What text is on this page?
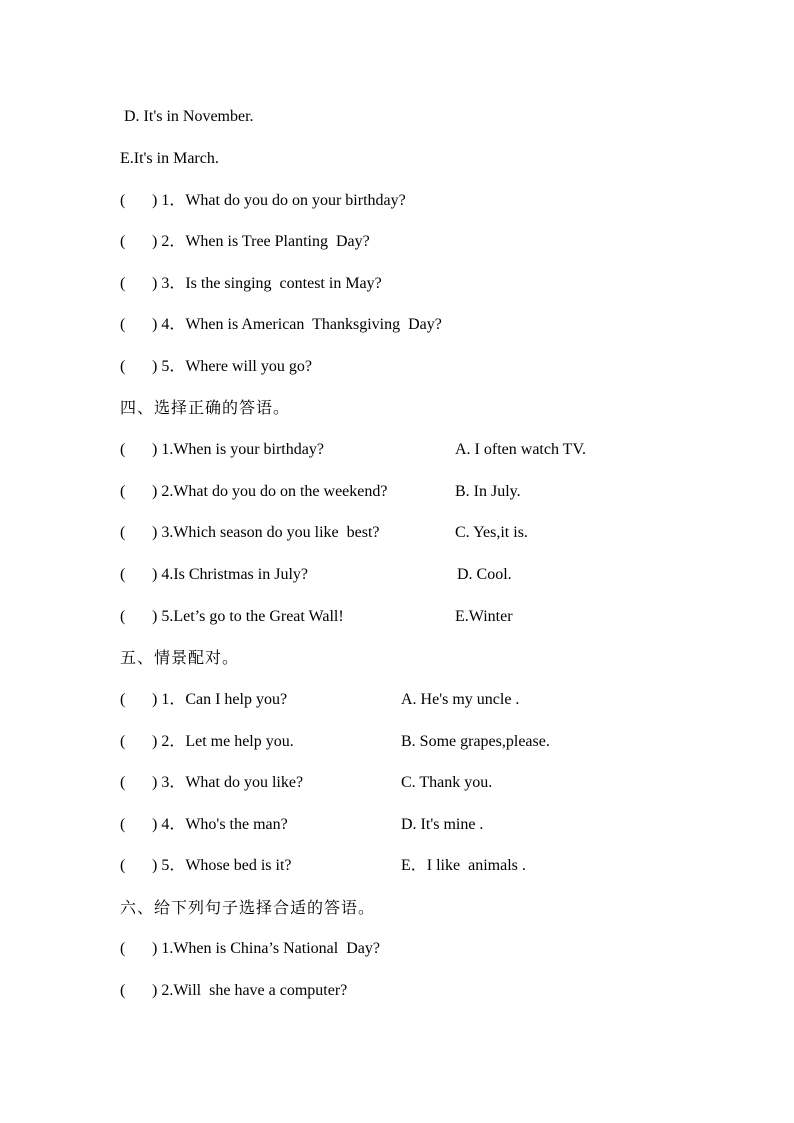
D. It's in November.
E.It's in March.
( ) 1．What do you do on your birthday?
( ) 2．When is Tree Planting  Day?
( ) 3．Is the singing  contest in May?
( ) 4．When is American  Thanksgiving  Day?
( ) 5．Where will you go?
四、选择正确的答语。
( ) 1.When is your birthday?	A. I often watch TV.
( ) 2.What do you do on the weekend?	B. In July.
( ) 3.Which season do you like  best?	C. Yes,it is.
( ) 4.Is Christmas in July?	D. Cool.
( ) 5.Let’s go to the Great Wall!	E.Winter
五、情景配对。
( ) 1．Can I help you?	A. He's my uncle .
( ) 2．Let me help you.	B. Some grapes,please.
( ) 3．What do you like?	C. Thank you.
( ) 4．Who's the man?	D. It's mine .
( ) 5．Whose bed is it?	E．I like  animals .
六、给下列句子选择合适的答语。
( ) 1.When is China’s National  Day?
( ) 2.Will  she have a computer?
